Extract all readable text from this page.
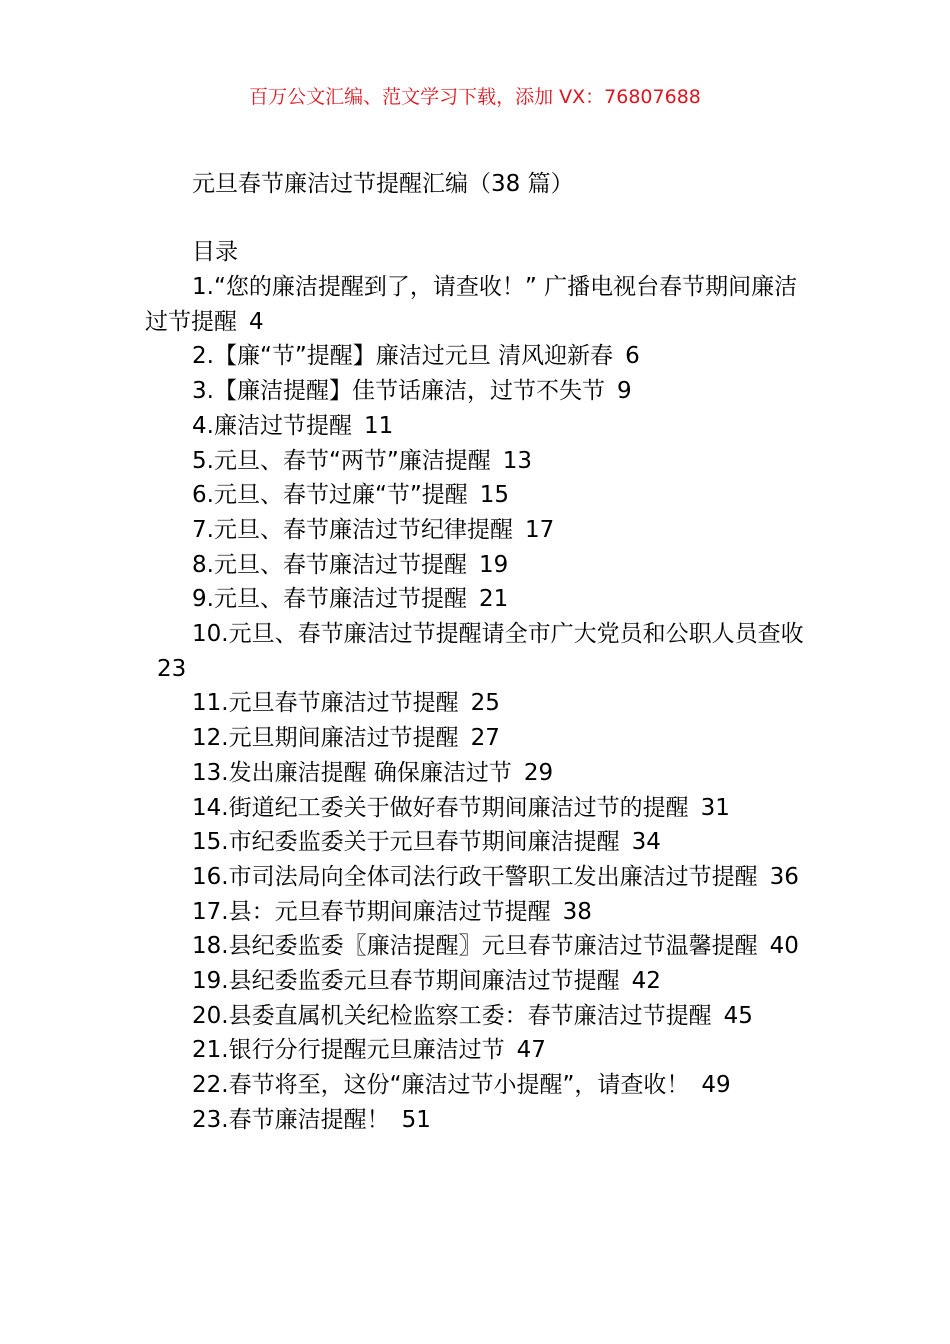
百万公文汇编、范文学习下载，添加 VX：76807688
元旦春节廉洁过节提醒汇编（38 篇）
目录
1.“您的廉洁提醒到了，请查收！” 广播电视台春节期间廉洁过节提醒 4
2.【廉“节”提醒】廉洁过元旦 清风迎新春 6
3.【廉洁提醒】佳节话廉洁，过节不失节 9
4.廉洁过节提醒 11
5.元旦、春节“两节”廉洁提醒 13
6.元旦、春节过廉“节”提醒 15
7.元旦、春节廉洁过节纪律提醒 17
8.元旦、春节廉洁过节提醒 19
9.元旦、春节廉洁过节提醒 21
10.元旦、春节廉洁过节提醒请全市广大党员和公职人员查收23
11.元旦春节廉洁过节提醒 25
12.元旦期间廉洁过节提醒 27
13.发出廉洁提醒 确保廉洁过节 29
14.街道纪工委关于做好春节期间廉洁过节的提醒 31
15.市纪委监委关于元旦春节期间廉洁提醒 34
16.市司法局向全体司法行政干警职工发出廉洁过节提醒 36
17.县：元旦春节期间廉洁过节提醒 38
18.县纪委监委〖廉洁提醒〗元旦春节廉洁过节温馨提醒 40
19.县纪委监委元旦春节期间廉洁过节提醒 42
20.县委直属机关纪检监察工委：春节廉洁过节提醒 45
21.银行分行提醒元旦廉洁过节 47
22.春节将至，这份“廉洁过节小提醒”，请查收！ 49
23.春节廉洁提醒！ 51
